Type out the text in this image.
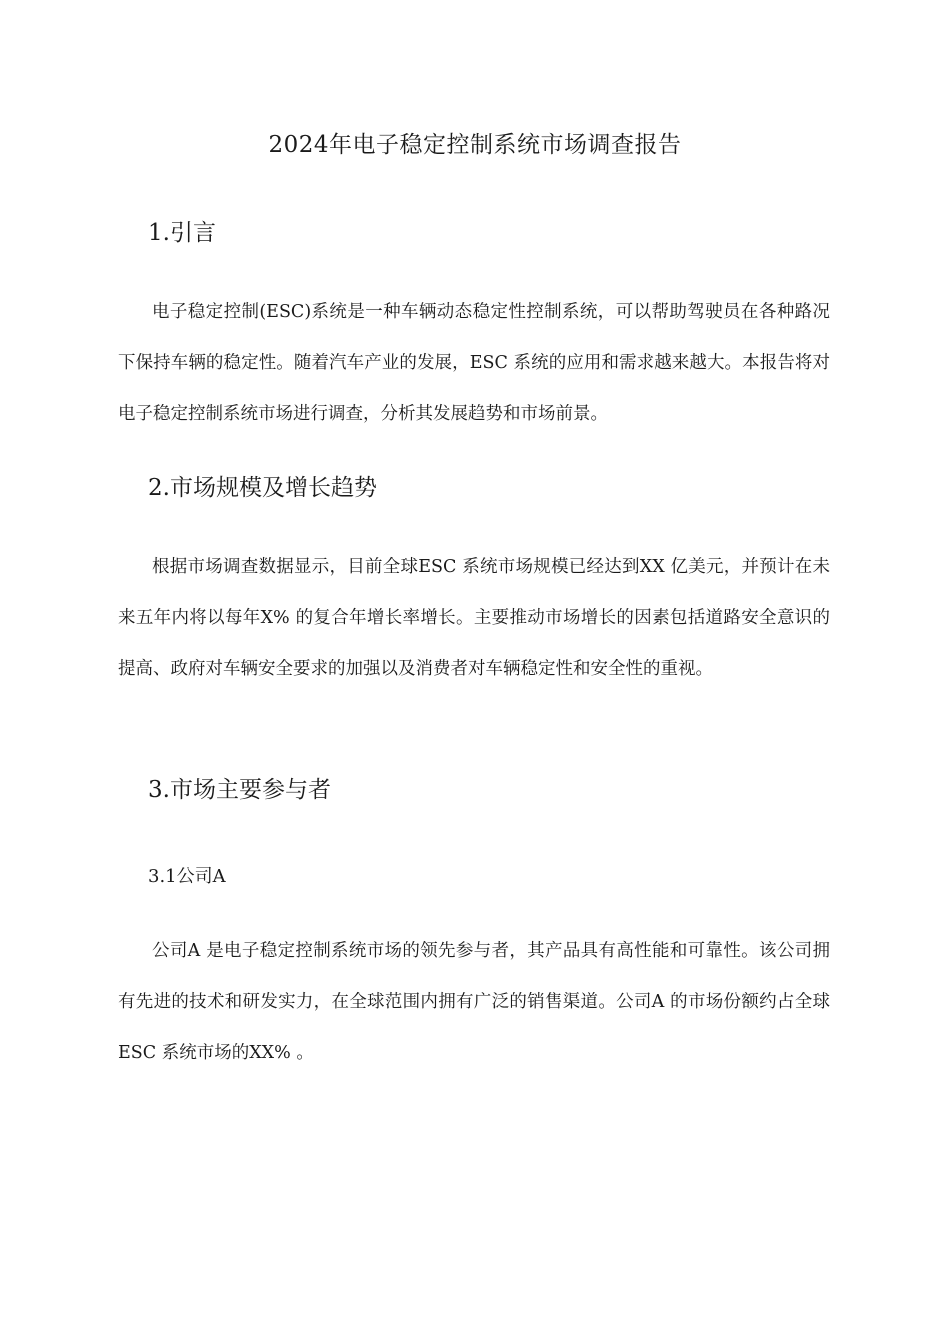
2024年电子稳定控制系统市场调查报告
1.引言

电子稳定控制(ESC)系统是一种车辆动态稳定性控制系统，可以帮助驾驶员在各种路况下保持车辆的稳定性。随着汽车产业的发展，ESC 系统的应用和需求越来越大。本报告将对电子稳定控制系统市场进行调查，分析其发展趋势和市场前景。

2.市场规模及增长趋势

根据市场调查数据显示，目前全球ESC 系统市场规模已经达到XX 亿美元，并预计在未来五年内将以每年X% 的复合年增长率增长。主要推动市场增长的因素包括道路安全意识的提高、政府对车辆安全要求的加强以及消费者对车辆稳定性和安全性的重视。

3.市场主要参与者
3.1公司A

公司A 是电子稳定控制系统市场的领先参与者，其产品具有高性能和可靠性。该公司拥有先进的技术和研发实力，在全球范围内拥有广泛的销售渠道。公司A 的市场份额约占全球ESC 系统市场的XX% 。
